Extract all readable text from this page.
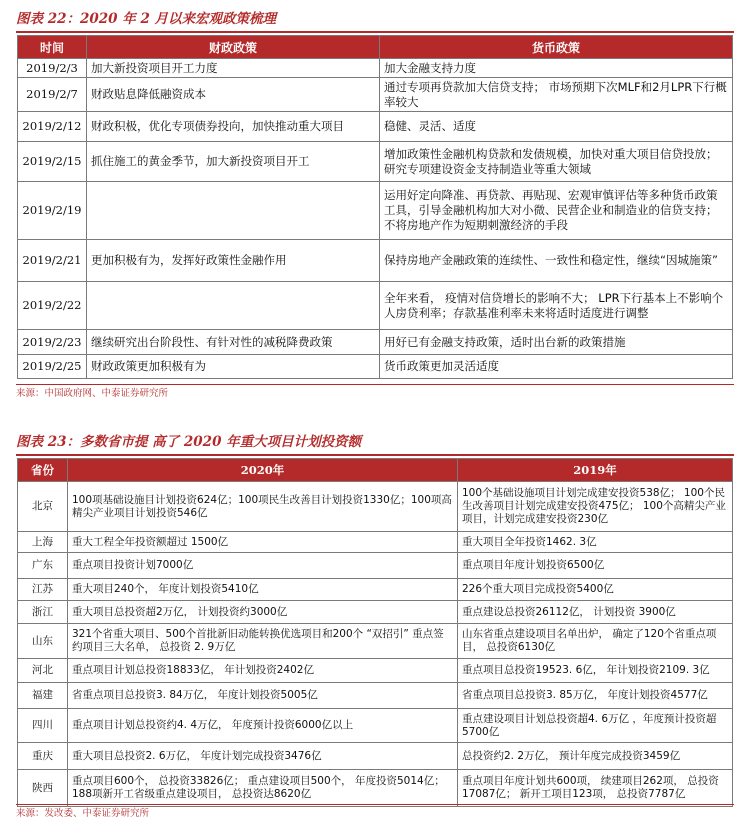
图表 22：2020 年 2 月以来宏观政策梳理
时间	财政政策	货币政策
2019/2/3	加大新投资项目开工力度	加大金融支持力度
2019/2/7	财政贴息降低融资成本	通过专项再贷款加大信贷支持； 市场预期下次MLF和2月LPR下行概率较大
2019/2/12	财政积极，优化专项债券投向，加快推动重大项目	稳健、灵活、适度
2019/2/15	抓住施工的黄金季节，加大新投资项目开工	增加政策性金融机构贷款和发债规模，加快对重大项目信贷投放；研究专项建设资金支持制造业等重大领域
2019/2/19		运用好定向降准、再贷款、再贴现、宏观审慎评估等多种货币政策工具，引导金融机构加大对小微、民营企业和制造业的信贷支持；不将房地产作为短期刺激经济的手段
2019/2/21	更加积极有为，发挥好政策性金融作用	保持房地产金融政策的连续性、一致性和稳定性，继续“因城施策”
2019/2/22		全年来看， 疫情对信贷增长的影响不大； LPR下行基本上不影响个人房贷利率；存款基准利率未来将适时适度进行调整
2019/2/23	继续研究出台阶段性、有针对性的减税降费政策	用好已有金融支持政策，适时出台新的政策措施
2019/2/25	财政政策更加积极有为	货币政策更加灵活适度
来源：中国政府网、中泰证券研究所
图表 23：多数省市提 高了 2020 年重大项目计划投资额
省份	2020年	2019年
北京	100项基础设施目计划投资624亿；100项民生改善目计划投资1330亿；100项高精尖产业项目计划投资546亿	100个基础设施项目计划完成建安投资538亿； 100个民生改善项目计划完成建安投资475亿； 100个高精尖产业项目，计划完成建安投资230亿
上海	重大工程全年投资额超过 1500亿	重大项目全年投资1462. 3亿
广东	重点项目投资计划7000亿	重点项目年度计划投资6500亿
江苏	重大项目240个， 年度计划投资5410亿	226个重大项目完成投资5400亿
浙江	重大项目总投资超2万亿， 计划投资约3000亿	重点建设总投资26112亿， 计划投资 3900亿
山东	321个省重大项目、500个首批新旧动能转换优选项目和200个 “双招引” 重点签约项目三大名单， 总投资 2. 9万亿	山东省重点建设项目名单出炉， 确定了120个省重点项目， 总投资6130亿
河北	重点项目计划总投资18833亿， 年计划投资2402亿	重点项目总投资19523. 6亿， 年计划投资2109. 3亿
福建	省重点项目总投资3. 84万亿， 年度计划投资5005亿	省重点项目总投资3. 85万亿， 年度计划投资4577亿
四川	重点项目计划总投资约4. 4万亿， 年度预计投资6000亿以上	重点建设项目计划总投资超4. 6万亿 ，年度预计投资超5700亿
重庆	重大项目总投资2. 6万亿， 年度计划完成投资3476亿	总投资约2. 2万亿， 预计年度完成投资3459亿
陕西	重点项目600个， 总投资33826亿； 重点建设项目500个， 年度投资5014亿； 188项新开工省级重点建设项目， 总投资达8620亿	重点项目年度计划共600项， 续建项目262项， 总投资17087亿； 新开工项目123项， 总投资7787亿
来源：发改委、中泰证券研究所
